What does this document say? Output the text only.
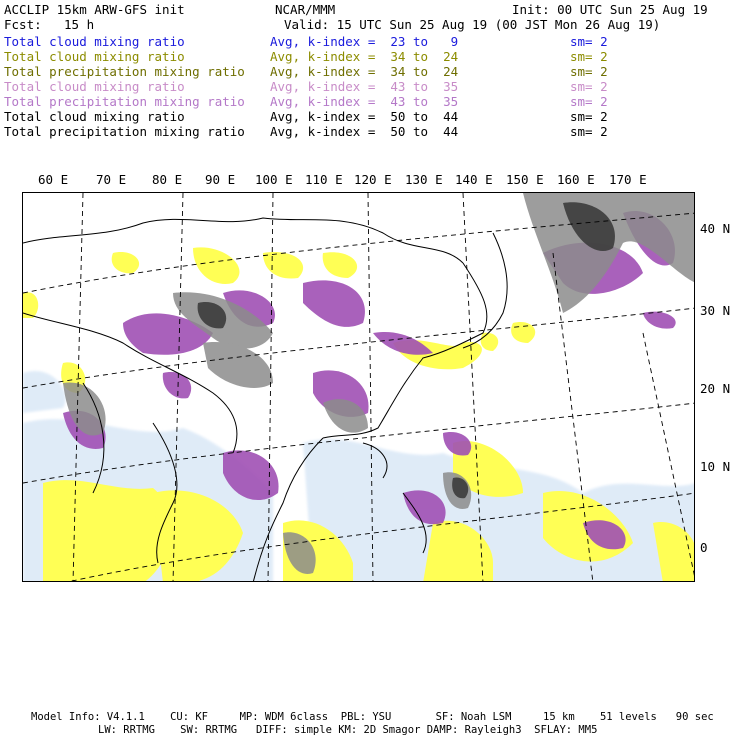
ACCLIP 15km ARW-GFS init	NCAR/MMM	Init: 00 UTC Sun 25 Aug 19
Fcst: 15 h	Valid: 15 UTC Sun 25 Aug 19 (00 JST Mon 26 Aug 19)
Total cloud mixing ratio	Avg, k-index =  23 to   9	sm= 2
Total cloud mixing ratio	Avg, k-index =  34 to  24	sm= 2
Total precipitation mixing ratio Avg, k-index =  34 to  24	sm= 2
Total cloud mixing ratio	Avg, k-index =  43 to  35	sm= 2
Total precipitation mixing ratio Avg, k-index =  43 to  35	sm= 2
Total cloud mixing ratio	Avg, k-index =  50 to  44	sm= 2
Total precipitation mixing ratio Avg, k-index =  50 to  44	sm= 2
60 E 70 E 80 E 90 E 100 E 110 E 120 E 130 E 140 E 150 E 160 E 170 E
40 N
30 N
20 N
10 N
0
Model Info: V4.1.1    CU: KF     MP: WDM 6class  PBL: YSU       SF: Noah LSM     15 km    51 levels   90 sec
LW: RRTMG    SW: RRTMG   DIFF: simple KM: 2D Smagor DAMP: Rayleigh3  SFLAY: MM5
